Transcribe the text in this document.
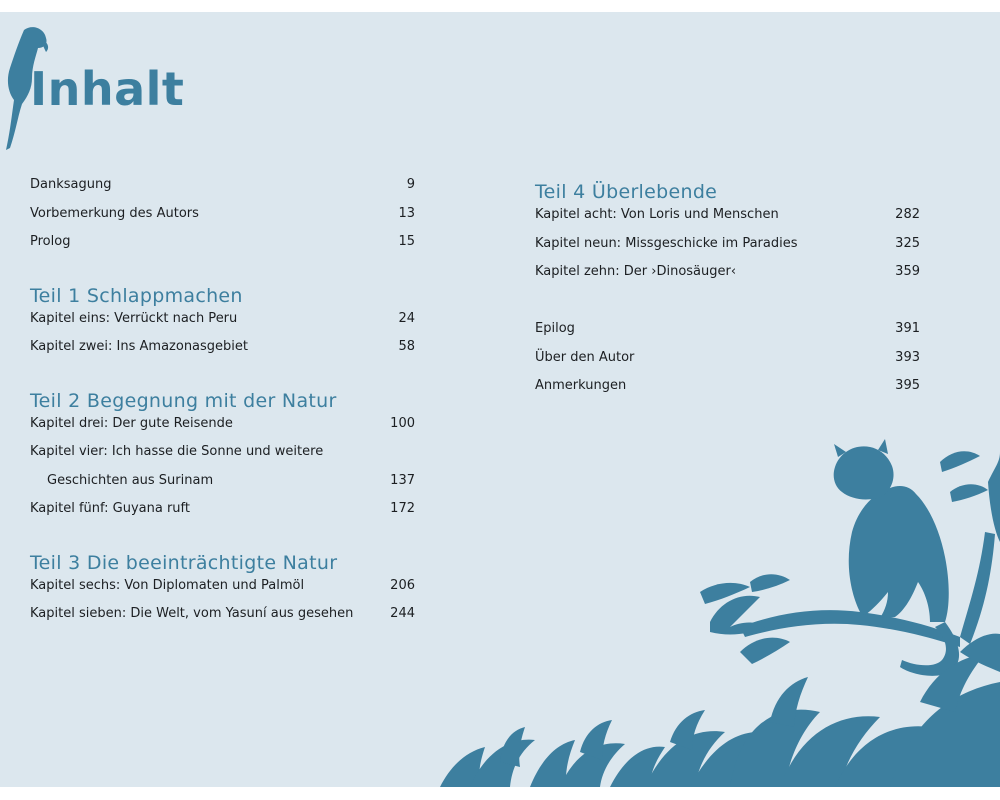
Inhalt
Danksagung	9
Vorbemerkung des Autors	13
Prolog	15
Teil 1 Schlappmachen
Kapitel eins: Verrückt nach Peru	24
Kapitel zwei: Ins Amazonasgebiet	58
Teil 2 Begegnung mit der Natur
Kapitel drei: Der gute Reisende	100
Kapitel vier: Ich hasse die Sonne und weitere
Geschichten aus Surinam	137
Kapitel fünf: Guyana ruft	172
Teil 3 Die beeinträchtigte Natur
Kapitel sechs: Von Diplomaten und Palmöl	206
Kapitel sieben: Die Welt, vom Yasuní aus gesehen	244
Teil 4 Überlebende
Kapitel acht: Von Loris und Menschen	282
Kapitel neun: Missgeschicke im Paradies	325
Kapitel zehn: Der ›Dinosäuger‹	359
Epilog	391
Über den Autor	393
Anmerkungen	395
